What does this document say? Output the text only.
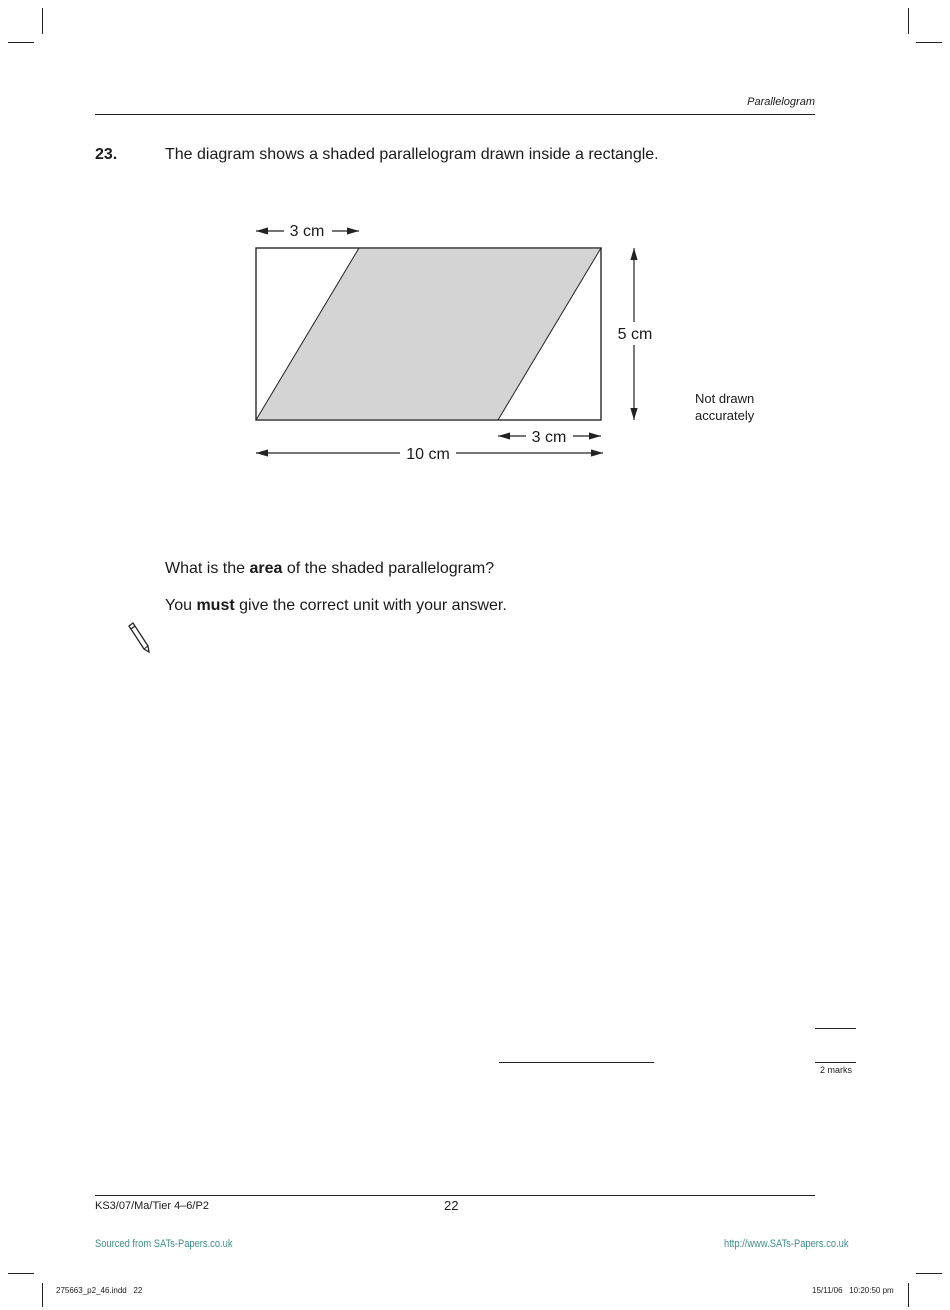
Parallelogram
23.	The diagram shows a shaded parallelogram drawn inside a rectangle.
3 cm
5 cm
3 cm
10 cm
Not drawn
accurately
What is the area of the shaded parallelogram?
You must give the correct unit with your answer.
2 marks
KS3/07/Ma/Tier 4–6/P2	22
Sourced from SATs-Papers.co.uk	http://www.SATs-Papers.co.uk
275663_p2_46.indd   22	15/11/06   10:20:50 pm
